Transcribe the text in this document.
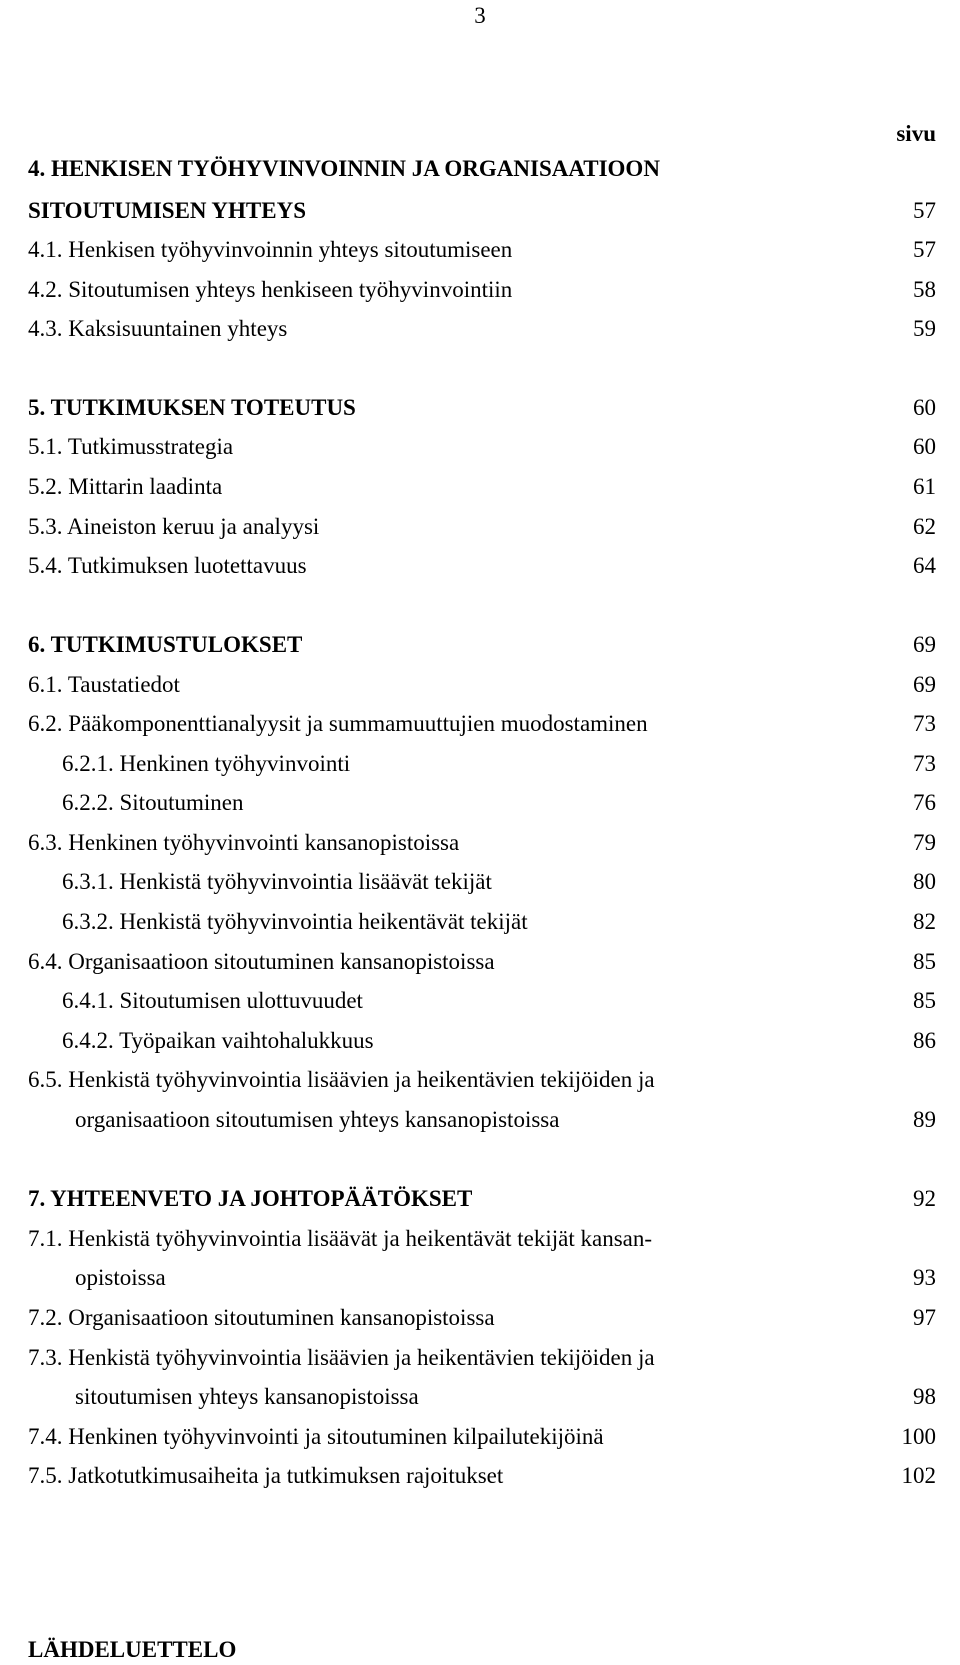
3
sivu
4. HENKISEN TYÖHYVINVOINNIN JA ORGANISAATIOON
SITOUTUMISEN YHTEYS	57
4.1. Henkisen työhyvinvoinnin yhteys sitoutumiseen	57
4.2. Sitoutumisen yhteys henkiseen työhyvinvointiin	58
4.3. Kaksisuuntainen yhteys	59
5. TUTKIMUKSEN TOTEUTUS	60
5.1. Tutkimusstrategia	60
5.2. Mittarin laadinta	61
5.3. Aineiston keruu ja analyysi	62
5.4. Tutkimuksen luotettavuus	64
6. TUTKIMUSTULOKSET	69
6.1. Taustatiedot	69
6.2. Pääkomponenttianalyysit ja summamuuttujien muodostaminen	73
6.2.1. Henkinen työhyvinvointi	73
6.2.2. Sitoutuminen	76
6.3. Henkinen työhyvinvointi kansanopistoissa	79
6.3.1. Henkistä työhyvinvointia lisäävät tekijät	80
6.3.2. Henkistä työhyvinvointia heikentävät tekijät	82
6.4. Organisaatioon sitoutuminen kansanopistoissa	85
6.4.1. Sitoutumisen ulottuvuudet	85
6.4.2. Työpaikan vaihtohalukkuus	86
6.5. Henkistä työhyvinvointia lisäävien ja heikentävien tekijöiden ja
organisaatioon sitoutumisen yhteys kansanopistoissa	89
7. YHTEENVETO JA JOHTOPÄÄTÖKSET	92
7.1. Henkistä työhyvinvointia lisäävät ja heikentävät tekijät kansan-
opistoissa	93
7.2. Organisaatioon sitoutuminen kansanopistoissa	97
7.3. Henkistä työhyvinvointia lisäävien ja heikentävien tekijöiden ja
sitoutumisen yhteys kansanopistoissa	98
7.4. Henkinen työhyvinvointi ja sitoutuminen kilpailutekijöinä	100
7.5. Jatkotutkimusaiheita ja tutkimuksen rajoitukset	102
LÄHDELUETTELO
